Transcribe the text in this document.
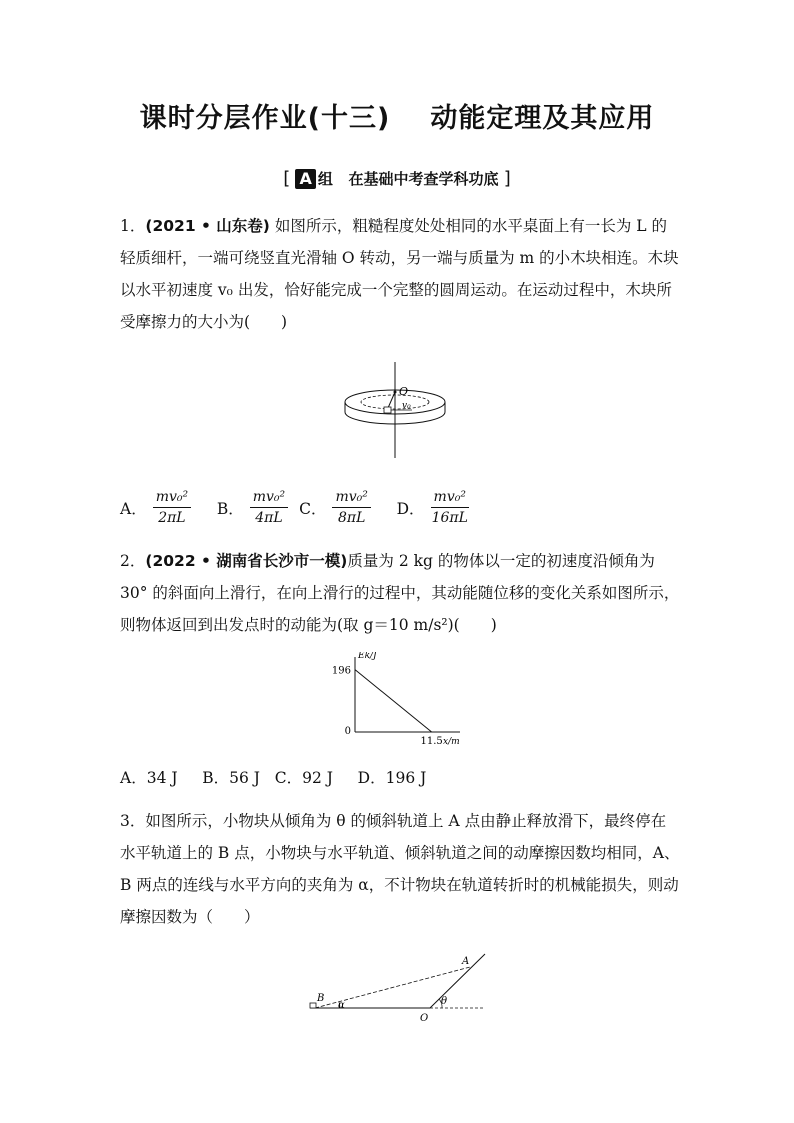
课时分层作业(十三) 动能定理及其应用
[ A 组 在基础中考查学科功底 ]
1．(2021 • 山东卷) 如图所示，粗糙程度处处相同的水平桌面上有一长为 L 的轻质细杆，一端可绕竖直光滑轴 O 转动，另一端与质量为 m 的小木块相连。木块以水平初速度 v₀ 出发，恰好能完成一个完整的圆周运动。在运动过程中，木块所受摩擦力的大小为(　　)
O
v₀
A． $\frac{\text{mv₀²}}{2\pi L}$ B． $\frac{\text{mv₀²}}{4\pi L}$ C． $\frac{\text{mv₀²}}{8\pi L}$ D． $\frac{\text{mv₀²}}{16\pi L}$
2．(2022 • 湖南省长沙市一模)质量为 2 kg 的物体以一定的初速度沿倾角为 30° 的斜面向上滑行，在向上滑行的过程中，其动能随位移的变化关系如图所示，则物体返回到出发点时的动能为(取 g＝10 m/s²)(　　)
Ek/J
x/m
196
11.5
0
A．34 J B．56 J C．92 J D．196 J
3．如图所示，小物块从倾角为 θ 的倾斜轨道上 A 点由静止释放滑下，最终停在水平轨道上的 B 点，小物块与水平轨道、倾斜轨道之间的动摩擦因数均相同，A、B 两点的连线与水平方向的夹角为 α，不计物块在轨道转折时的机械能损失，则动摩擦因数为（　　）
B
α
A
O
θ
